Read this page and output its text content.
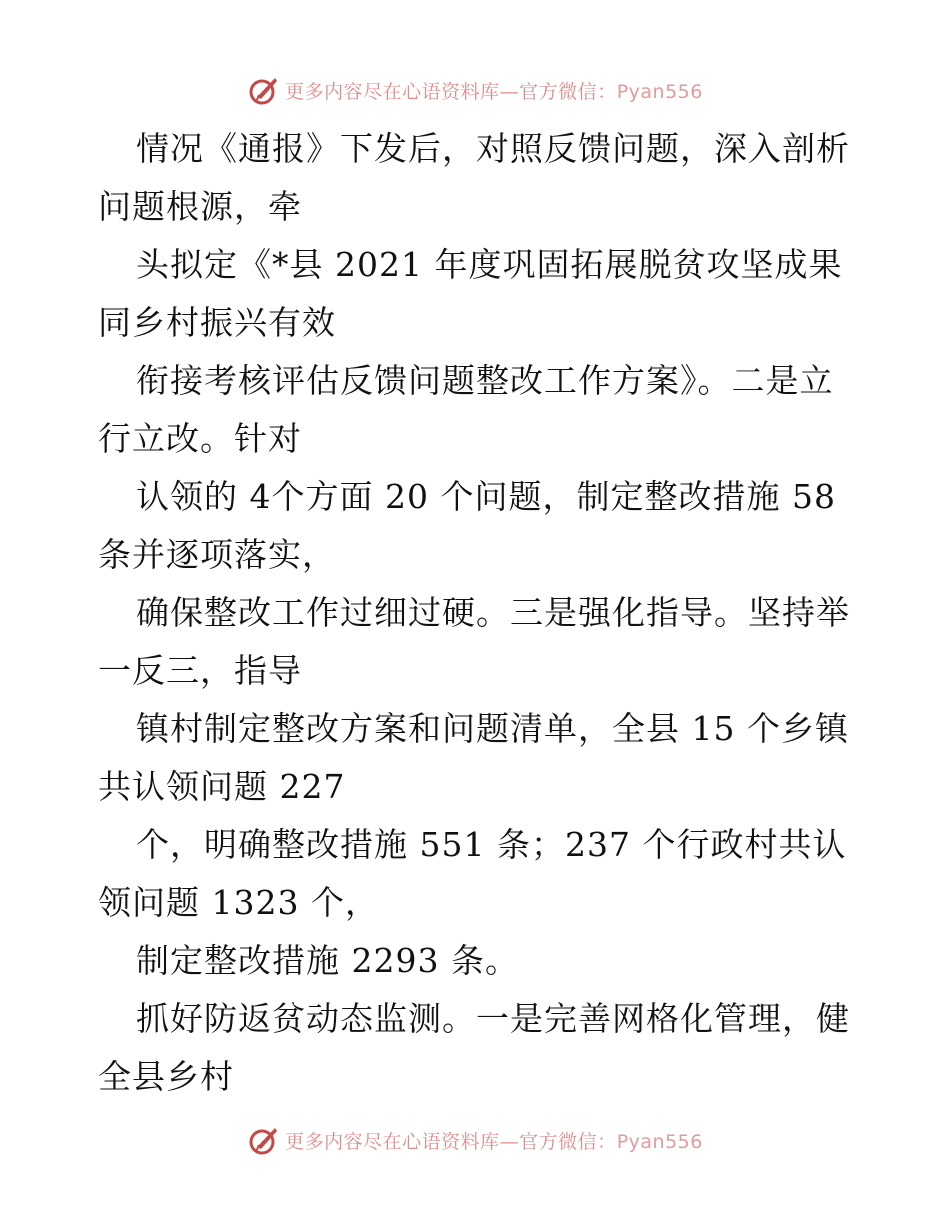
更多内容尽在心语资料库—官方微信：Pyan556
情况《通报》下发后，对照反馈问题，深入剖析
问题根源，牵
头拟定《*县 2021 年度巩固拓展脱贫攻坚成果
同乡村振兴有效
衔接考核评估反馈问题整改工作方案》。二是立
行立改。针对
认领的 4个方面 20 个问题，制定整改措施 58
条并逐项落实，
确保整改工作过细过硬。三是强化指导。坚持举
一反三，指导
镇村制定整改方案和问题清单，全县 15 个乡镇
共认领问题 227
个，明确整改措施 551 条；237 个行政村共认
领问题 1323 个，
制定整改措施 2293 条。
抓好防返贫动态监测。一是完善网格化管理，健
全县乡村
更多内容尽在心语资料库—官方微信：Pyan556
